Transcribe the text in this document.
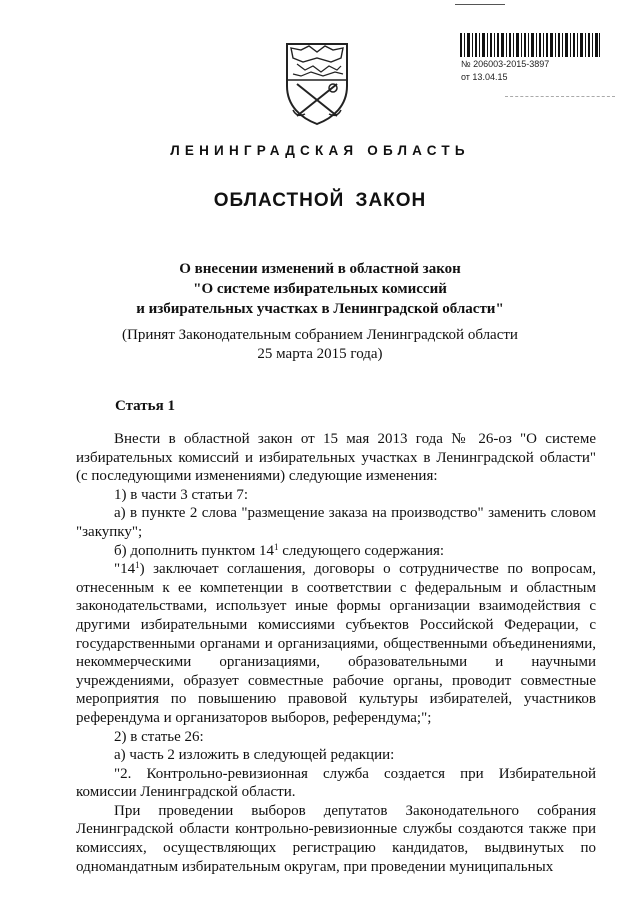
№ 206003-2015-3897
от 13.04.15
ЛЕНИНГРАДСКАЯ ОБЛАСТЬ
ОБЛАСТНОЙ ЗАКОН
О внесении изменений в областной закон
"О системе избирательных комиссий
и избирательных участках в Ленинградской области"
(Принят Законодательным собранием Ленинградской области
25 марта 2015 года)
Статья 1

Внести в областной закон от 15 мая 2013 года № 26-оз "О системе избирательных комиссий и избирательных участках в Ленинградской области" (с последующими изменениями) следующие изменения:

1) в части 3 статьи 7:

а) в пункте 2 слова "размещение заказа на производство" заменить словом "закупку";

б) дополнить пунктом $14^1$ следующего содержания:

"$14^1$) заключает соглашения, договоры о сотрудничестве по вопросам, отнесенным к ее компетенции в соответствии с федеральным и областным законодательствами, использует иные формы организации взаимодействия с другими избирательными комиссиями субъектов Российской Федерации, с государственными органами и организациями, общественными объединениями, некоммерческими организациями, образовательными и научными учреждениями, образует совместные рабочие органы, проводит совместные мероприятия по повышению правовой культуры избирателей, участников референдума и организаторов выборов, референдума;";

2) в статье 26:

а) часть 2 изложить в следующей редакции:

"2. Контрольно-ревизионная служба создается при Избирательной комиссии Ленинградской области.

При проведении выборов депутатов Законодательного собрания Ленинградской области контрольно-ревизионные службы создаются также при комиссиях, осуществляющих регистрацию кандидатов, выдвинутых по одномандатным избирательным округам, при проведении муниципальных
